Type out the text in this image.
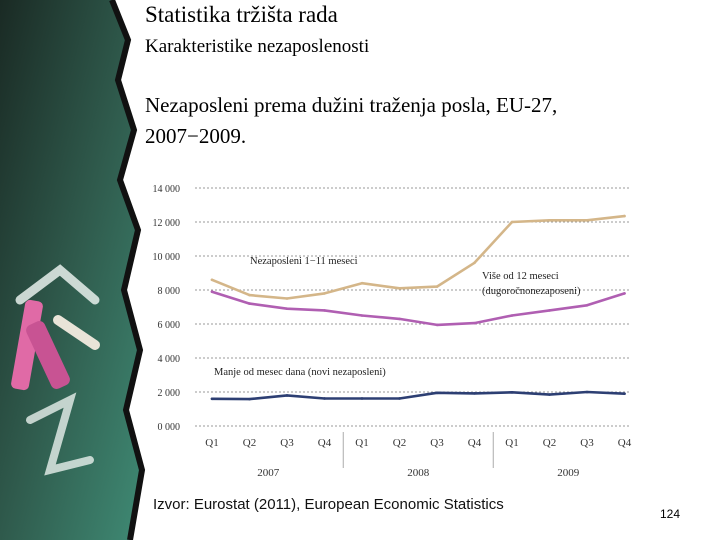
Statistika tržišta rada
Karakteristike nezaposlenosti
Nezaposleni prema dužini traženja posla, EU-27,
2007−2009.
0 000
2 000
4 000
6 000
8 000
10 000
12 000
14 000
Q1 Q2 Q3 Q4 Q1 Q2 Q3 Q4 Q1 Q2 Q3 Q4
2007	2008	2009
Nezaposleni 1−11 meseci
Više od 12 meseci
(dugoročnonezaposeni)
Manje od mesec dana (novi nezaposleni)
Izvor: Eurostat (2011), European Economic Statistics
124
